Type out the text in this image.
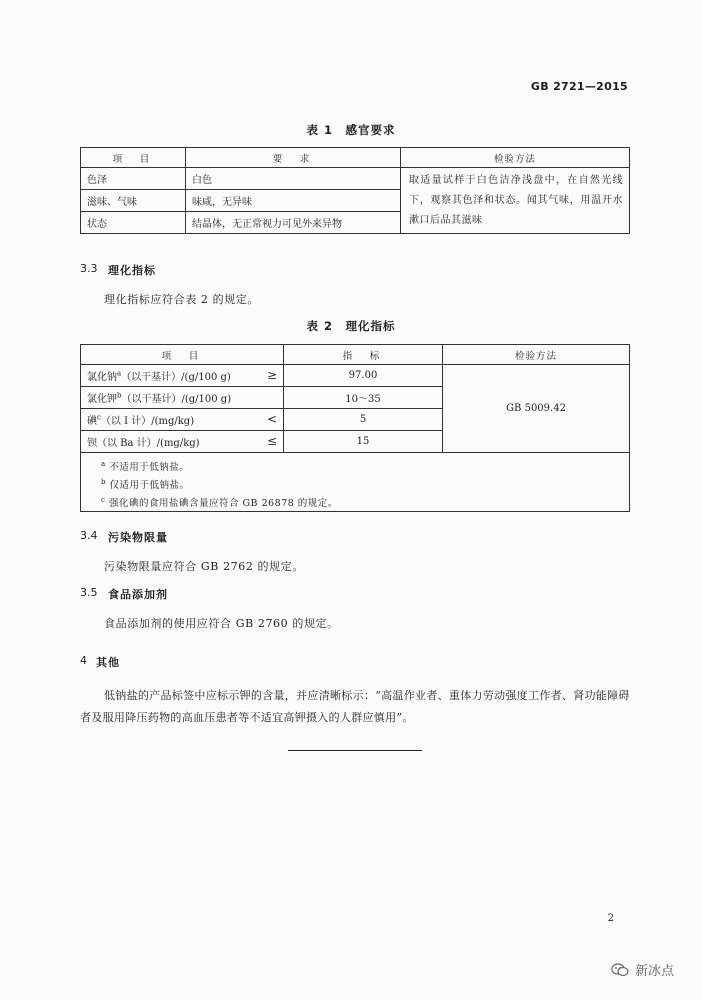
GB 2721—2015
表 1　感官要求
项　目	要　求	检验方法
色泽	白色	取适量试样于白色洁净浅盘中，在自然光线下，观察其色泽和状态。闻其气味，用温开水漱口后品其滋味
滋味、气味	味咸，无异味	
状态	结晶体，无正常视力可见外来异物	
3.3 理化指标
理化指标应符合表 2 的规定。
表 2　理化指标
项　目	指　标	检验方法
氯化钠$^a$（以干基计）/(g/100 g) ≥	97.00	GB 5009.42
氯化钾$^b$（以干基计）/(g/100 g)	10～35	
碘$^c$（以 I 计）/(mg/kg) <	5	
钡（以 Ba 计）/(mg/kg) ≤	15	

$^a$ 不适用于低钠盐。
$^b$ 仅适用于低钠盐。
$^c$ 强化碘的食用盐碘含量应符合 GB 26878 的规定。		
3.4 污染物限量
污染物限量应符合 GB 2762 的规定。
3.5 食品添加剂
食品添加剂的使用应符合 GB 2760 的规定。
4 其他
低钠盐的产品标签中应标示钾的含量，并应清晰标示：“高温作业者、重体力劳动强度工作者、肾功能障碍者及服用降压药物的高血压患者等不适宜高钾摄入的人群应慎用”。
2
新冰点
